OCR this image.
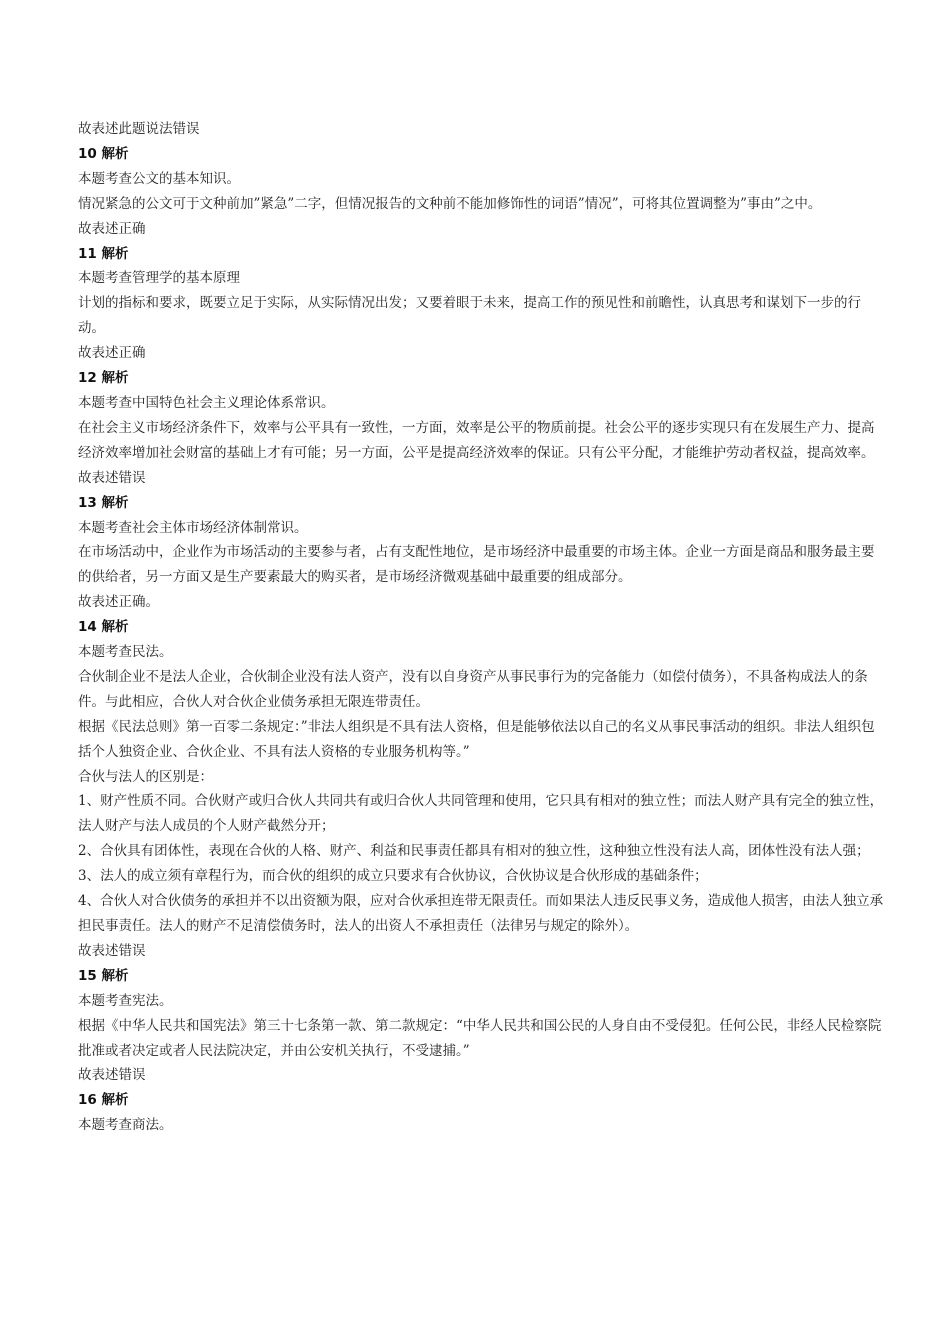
故表述此题说法错误

10 解析

本题考查公文的基本知识。

情况紧急的公文可于文种前加”紧急”二字，但情况报告的文种前不能加修饰性的词语”情况”，可将其位置调整为”事由”之中。

故表述正确

11 解析

本题考查管理学的基本原理

计划的指标和要求，既要立足于实际，从实际情况出发；又要着眼于未来，提高工作的预见性和前瞻性，认真思考和谋划下一步的行动。

故表述正确

12 解析

本题考查中国特色社会主义理论体系常识。

在社会主义市场经济条件下，效率与公平具有一致性，一方面，效率是公平的物质前提。社会公平的逐步实现只有在发展生产力、提高经济效率增加社会财富的基础上才有可能；另一方面，公平是提高经济效率的保证。只有公平分配，才能维护劳动者权益，提高效率。

故表述错误

13 解析

本题考查社会主体市场经济体制常识。

在市场活动中，企业作为市场活动的主要参与者，占有支配性地位，是市场经济中最重要的市场主体。企业一方面是商品和服务最主要的供给者，另一方面又是生产要素最大的购买者，是市场经济微观基础中最重要的组成部分。

故表述正确。

14 解析

本题考查民法。

合伙制企业不是法人企业，合伙制企业没有法人资产，没有以自身资产从事民事行为的完备能力（如偿付债务），不具备构成法人的条件。与此相应，合伙人对合伙企业债务承担无限连带责任。

根据《民法总则》第一百零二条规定：”非法人组织是不具有法人资格，但是能够依法以自己的名义从事民事活动的组织。非法人组织包括个人独资企业、合伙企业、不具有法人资格的专业服务机构等。”

合伙与法人的区别是：

1、财产性质不同。合伙财产或归合伙人共同共有或归合伙人共同管理和使用，它只具有相对的独立性；而法人财产具有完全的独立性，法人财产与法人成员的个人财产截然分开；

2、合伙具有团体性，表现在合伙的人格、财产、利益和民事责任都具有相对的独立性，这种独立性没有法人高，团体性没有法人强；

3、法人的成立须有章程行为，而合伙的组织的成立只要求有合伙协议，合伙协议是合伙形成的基础条件；

4、合伙人对合伙债务的承担并不以出资额为限，应对合伙承担连带无限责任。而如果法人违反民事义务，造成他人损害，由法人独立承担民事责任。法人的财产不足清偿债务时，法人的出资人不承担责任（法律另与规定的除外）。

故表述错误

15 解析

本题考查宪法。

根据《中华人民共和国宪法》第三十七条第一款、第二款规定：“中华人民共和国公民的人身自由不受侵犯。任何公民，非经人民检察院批准或者决定或者人民法院决定，并由公安机关执行，不受逮捕。”

故表述错误

16 解析

本题考查商法。
